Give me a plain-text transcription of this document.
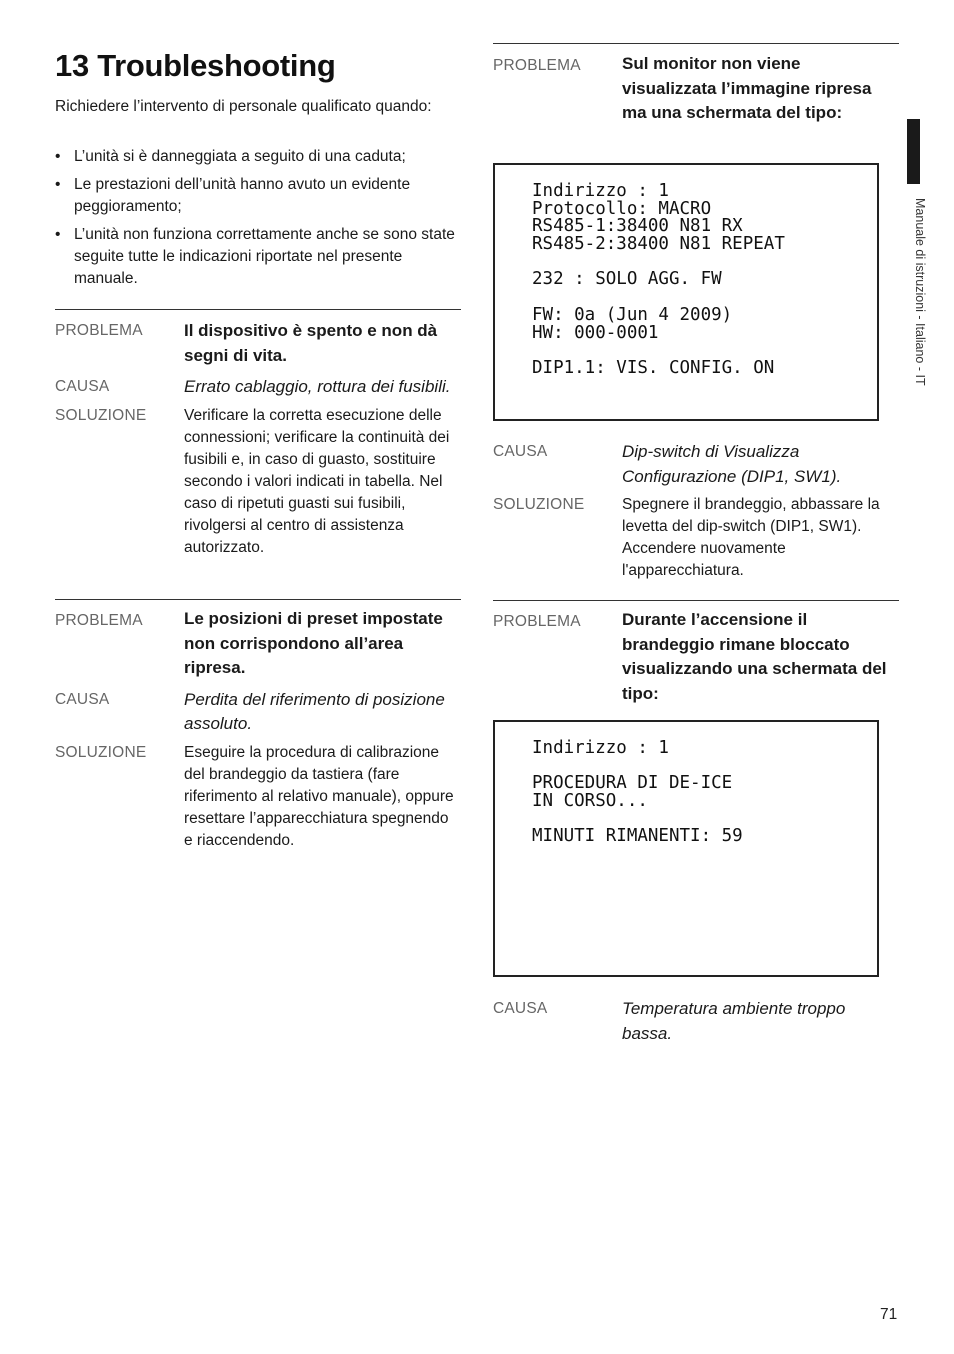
13 Troubleshooting

Richiedere l’intervento di personale qualificato quando:

• L’unità si è danneggiata a seguito di una caduta;
• Le prestazioni dell’unità hanno avuto un evidente peggioramento;
• L’unità non funziona correttamente anche se sono state seguite tutte le indicazioni riportate nel presente manuale.
PROBLEMA Il dispositivo è spento e non dà segni di vita.
CAUSA	Errato cablaggio, rottura dei fusibili.
SOLUZIONE Verificare la corretta esecuzione delle connessioni; verificare la continuità dei fusibili e, in caso di guasto, sostituire secondo i valori indicati in tabella. Nel caso di ripetuti guasti sui fusibili, rivolgersi al centro di assistenza autorizzato.
PROBLEMA Le posizioni di preset impostate non corrispondono all’area ripresa.
CAUSA	Perdita del riferimento di posizione assoluto.
SOLUZIONE Eseguire la procedura di calibrazione del brandeggio da tastiera (fare riferimento al relativo manuale), oppure resettare l’apparecchiatura spegnendo e riaccendendo.
PROBLEMA Sul monitor non viene visualizzata l’immagine ripresa ma una schermata del tipo:
Indirizzo : 1
Protocollo: MACRO
RS485-1:38400 N81 RX
RS485-2:38400 N81 REPEAT
232 : SOLO AGG. FW
FW: 0a (Jun 4 2009)
HW: 000-0001
DIP1.1: VIS. CONFIG. ON
CAUSA	Dip-switch di Visualizza Configurazione (DIP1, SW1).
SOLUZIONE Spegnere il brandeggio, abbassare la levetta del dip-switch (DIP1, SW1). Accendere nuovamente l'apparecchiatura.
PROBLEMA Durante l’accensione il brandeggio rimane bloccato visualizzando una schermata del tipo:
Indirizzo : 1
PROCEDURA DI DE-ICE
IN CORSO...
MINUTI RIMANENTI: 59
CAUSA	Temperatura ambiente troppo bassa.
Manuale di istruzioni - Italiano - IT
71
